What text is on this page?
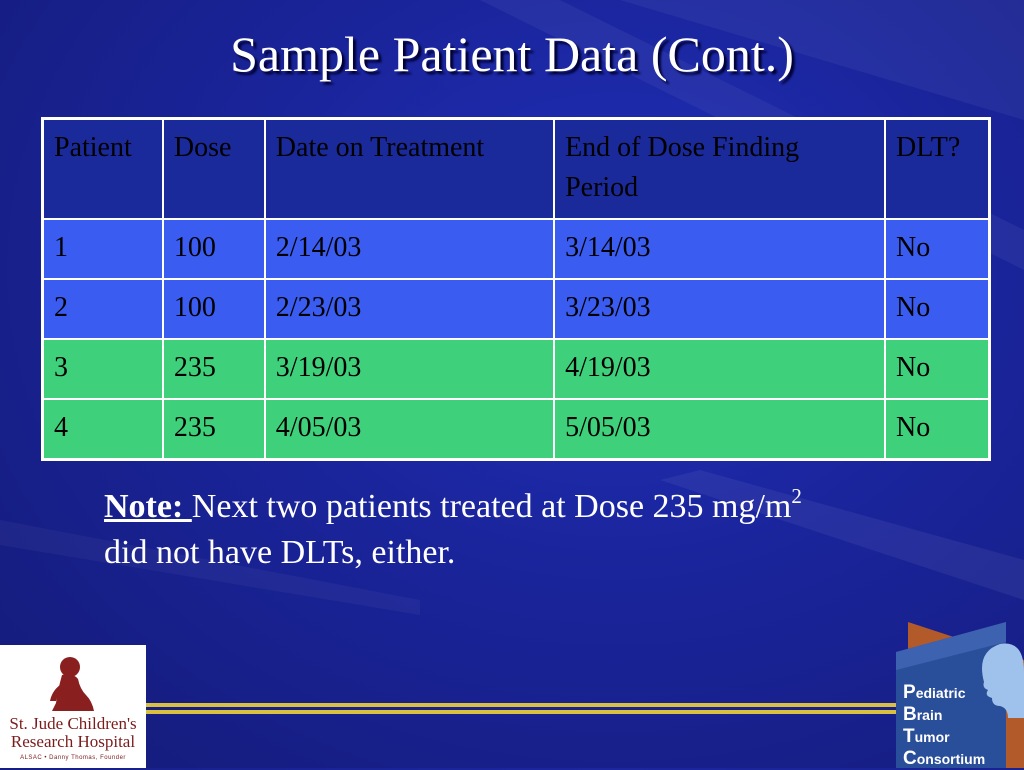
Sample Patient Data (Cont.)
Patient	Dose	Date on Treatment	End of Dose Finding Period	DLT?
1	100	2/14/03	3/14/03	No
2	100	2/23/03	3/23/03	No
3	235	3/19/03	4/19/03	No
4	235	4/05/03	5/05/03	No
Note: Next two patients treated at Dose 235 $mg/m^2$
did not have DLTs, either.
St. Jude Children's
Research Hospital
ALSAC • Danny Thomas, Founder
Pediatric
Brain
Tumor
Consortium
